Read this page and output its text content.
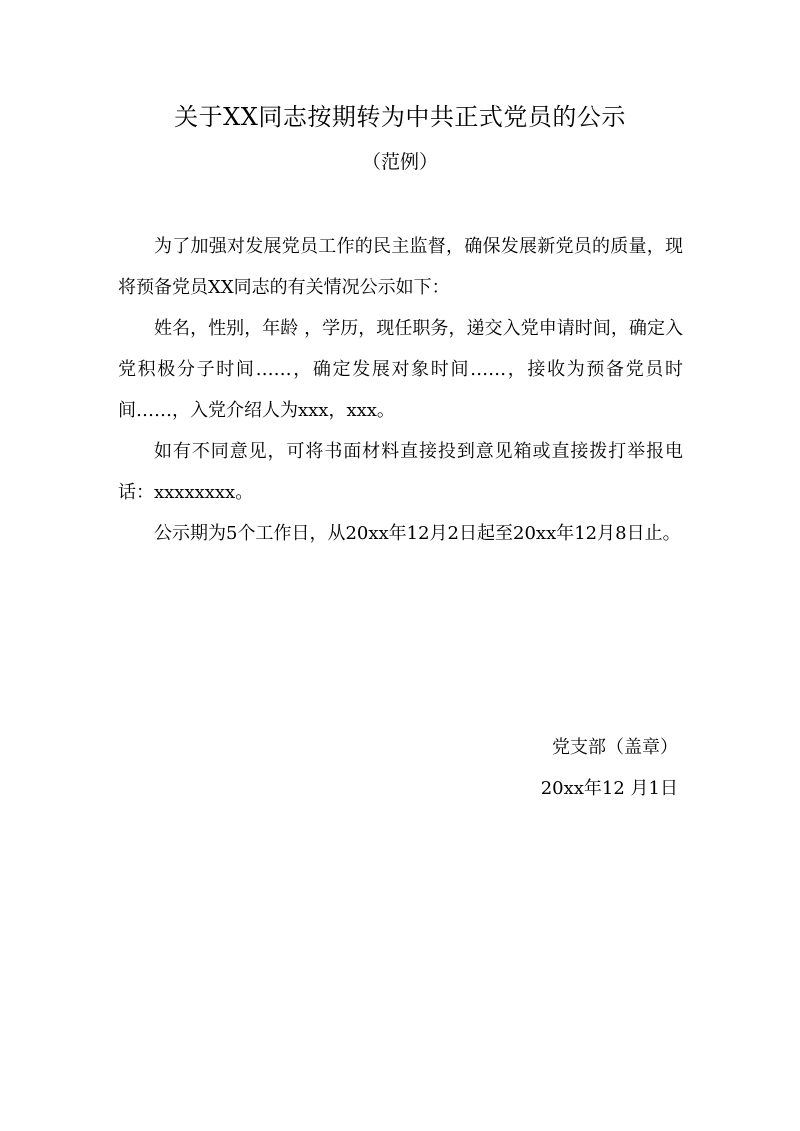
关于XX同志按期转为中共正式党员的公示
（范例）

为了加强对发展党员工作的民主监督，确保发展新党员的质量，现将预备党员XX同志的有关情况公示如下：

姓名，性别，年龄 ，学历，现任职务，递交入党申请时间，确定入党积极分子时间……，确定发展对象时间……，接收为预备党员时间……，入党介绍人为xxx，xxx。

如有不同意见，可将书面材料直接投到意见箱或直接拨打举报电话：xxxxxxxx。

公示期为5个工作日，从20xx年12月2日起至20xx年12月8日止。

党支部（盖章）
20xx年12 月1日
